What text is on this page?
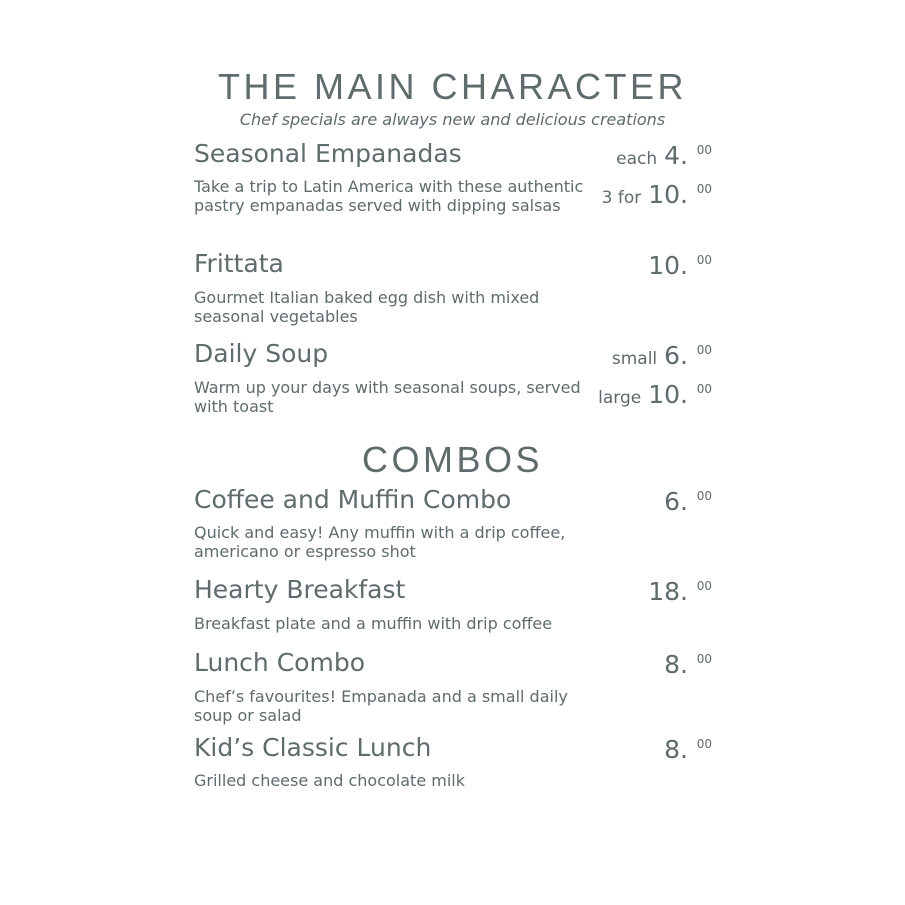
THE MAIN CHARACTER
Chef specials are always new and delicious creations
Seasonal Empanadas	each 4. 00
Take a trip to Latin America with these authentic pastry empanadas served with dipping salsas	3 for 10. 00
Frittata	10. 00
Gourmet Italian baked egg dish with mixed seasonal vegetables
Daily Soup	small 6. 00
Warm up your days with seasonal soups, served with toast	large 10. 00
COMBOS
Coffee and Muffin Combo	6. 00
Quick and easy! Any muffin with a drip coffee, americano or espresso shot
Hearty Breakfast	18. 00
Breakfast plate and a muffin with drip coffee
Lunch Combo	8. 00
Chef’s favourites! Empanada and a small daily soup or salad
Kid’s Classic Lunch	8. 00
Grilled cheese and chocolate milk
